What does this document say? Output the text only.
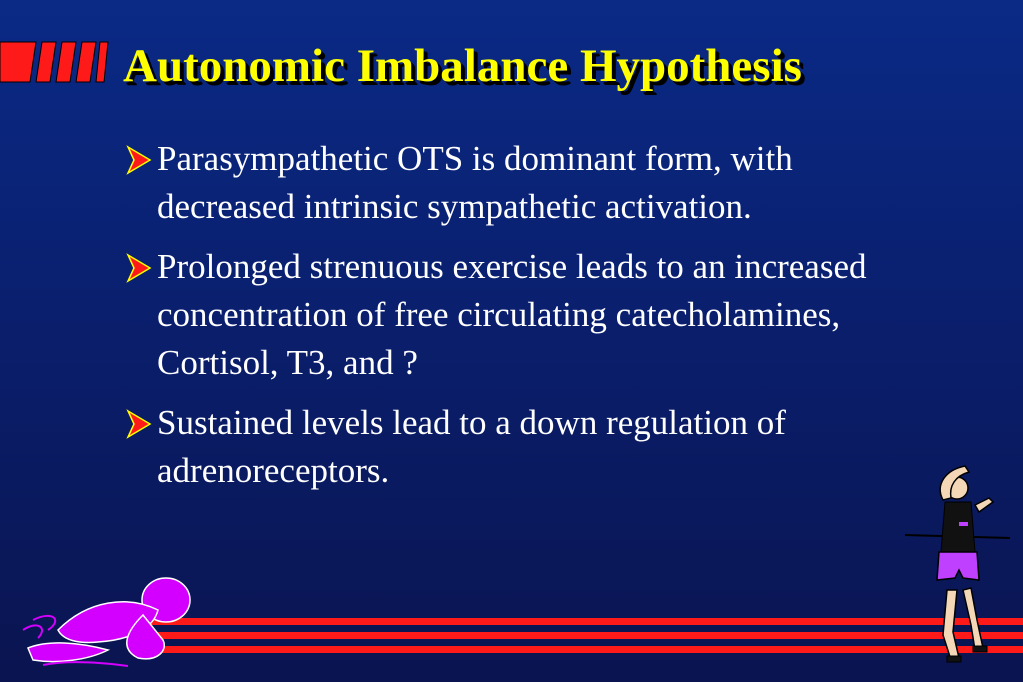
Autonomic Imbalance Hypothesis
Parasympathetic OTS is dominant form, with decreased intrinsic sympathetic activation.
Prolonged strenuous exercise leads to an increased concentration of free circulating catecholamines, Cortisol, T3, and ?
Sustained levels lead to a down regulation of adrenoreceptors.
